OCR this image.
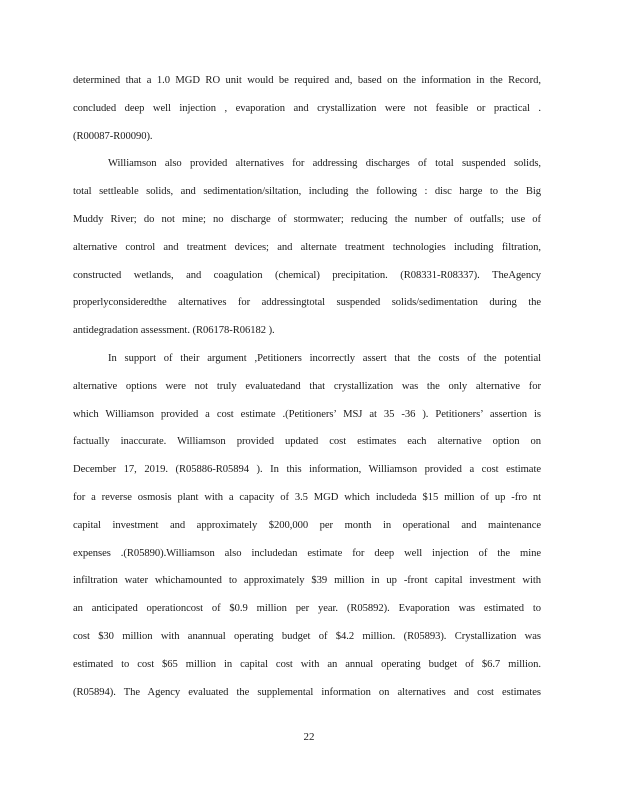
determined that a 1.0 MGD RO unit would be required and, based on the information in the Record,
concluded deep well injection , evaporation and crystallization were not feasible or practical .
(R00087-R00090).
Williamson also provided alternatives for addressing discharges of total suspended solids,
total settleable solids, and sedimentation/siltation, including the following : disc harge to the Big
Muddy River; do not mine; no discharge of stormwater; reducing the number of outfalls; use of
alternative control and treatment devices; and alternate treatment technologies including filtration,
constructed wetlands, and coagulation (chemical) precipitation. (R08331-R08337). TheAgency
properlyconsideredthe alternatives for addressingtotal suspended solids/sedimentation during the
antidegradation assessment. (R06178-R06182 ).
In support of their argument ,Petitioners incorrectly assert that the costs of the potential
alternative options were not truly evaluatedand that crystallization was the only alternative for
which Williamson provided a cost estimate .(Petitioners’ MSJ at 35 -36 ). Petitioners’ assertion is
factually inaccurate. Williamson provided updated cost estimates each alternative option on
December 17, 2019. (R05886-R05894 ). In this information, Williamson provided a cost estimate
for a reverse osmosis plant with a capacity of 3.5 MGD which includeda $15 million of up -fro nt
capital investment and approximately $200,000 per month in operational and maintenance
expenses .(R05890).Williamson also includedan estimate for deep well injection of the mine
infiltration water whichamounted to approximately $39 million in up -front capital investment with
an anticipated operationcost of $0.9 million per year. (R05892). Evaporation was estimated to
cost $30 million with anannual operating budget of $4.2 million. (R05893). Crystallization was
estimated to cost $65 million in capital cost with an annual operating budget of $6.7 million.
(R05894). The Agency evaluated the supplemental information on alternatives and cost estimates
22
